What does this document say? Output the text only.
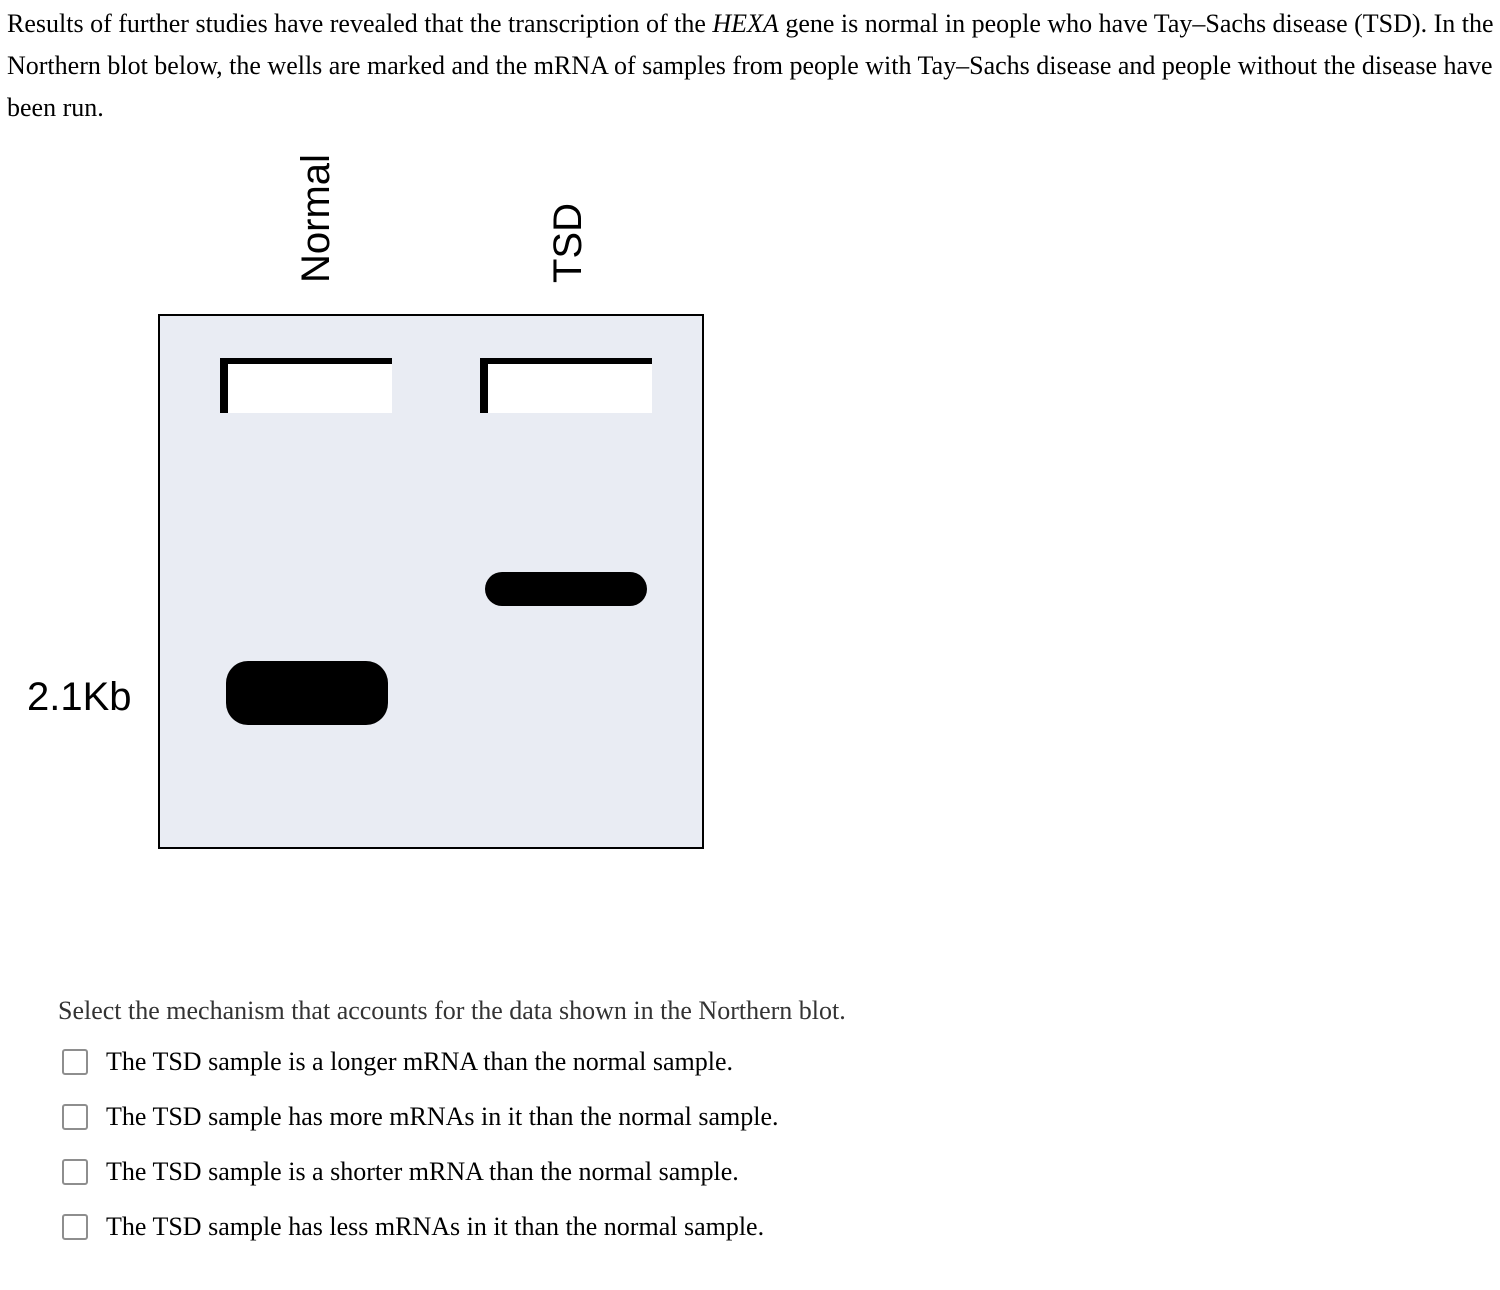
Results of further studies have revealed that the transcription of the HEXA gene is normal in people who have Tay–Sachs disease (TSD). In the Northern blot below, the wells are marked and the mRNA of samples from people with Tay–Sachs disease and people without the disease have been run.

Normal	TSD
2.1Kb

Select the mechanism that accounts for the data shown in the Northern blot.

The TSD sample is a longer mRNA than the normal sample.
The TSD sample has more mRNAs in it than the normal sample.
The TSD sample is a shorter mRNA than the normal sample.
The TSD sample has less mRNAs in it than the normal sample.
